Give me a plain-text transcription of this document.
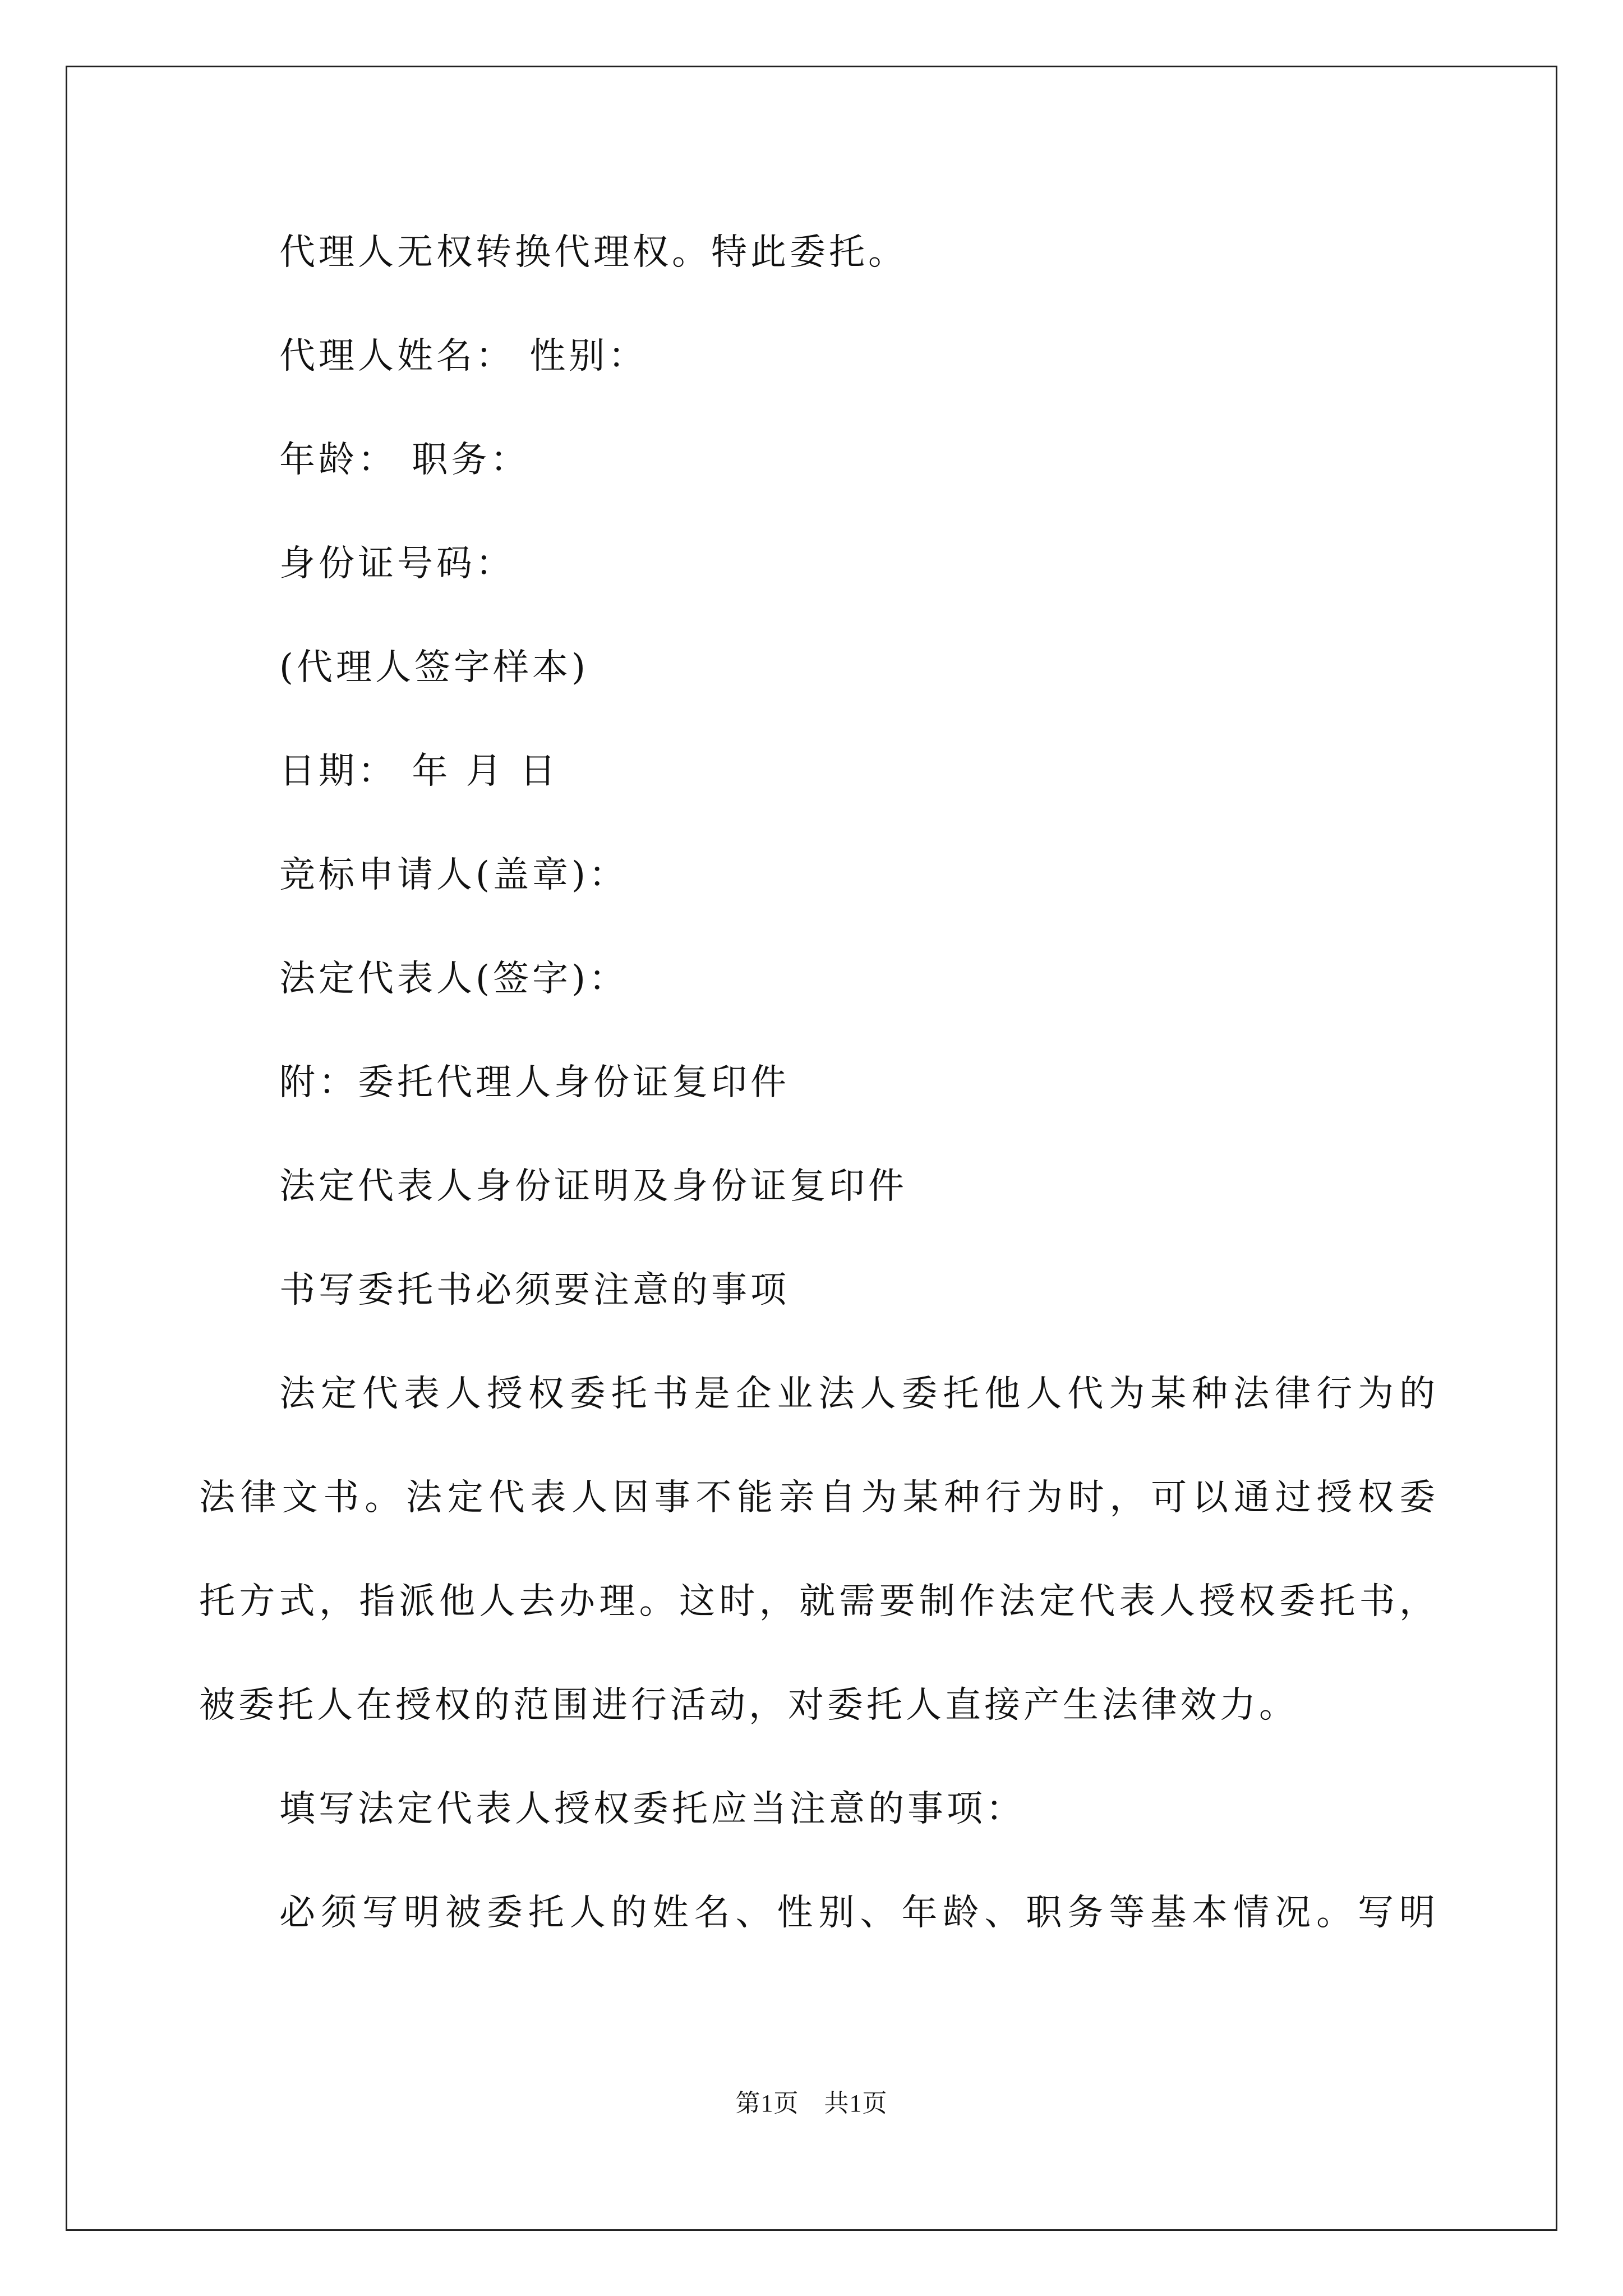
代理人无权转换代理权。特此委托。
代理人姓名： 性别：
年龄： 职务：
身份证号码：
(代理人签字样本)
日期： 年 月 日
竞标申请人(盖章)：
法定代表人(签字)：
附：委托代理人身份证复印件
法定代表人身份证明及身份证复印件
书写委托书必须要注意的事项
法定代表人授权委托书是企业法人委托他人代为某种法律行为的
法律文书。法定代表人因事不能亲自为某种行为时，可以通过授权委
托方式，指派他人去办理。这时，就需要制作法定代表人授权委托书，
被委托人在授权的范围进行活动，对委托人直接产生法律效力。
填写法定代表人授权委托应当注意的事项：
必须写明被委托人的姓名、性别、年龄、职务等基本情况。写明
第1页　共1页
